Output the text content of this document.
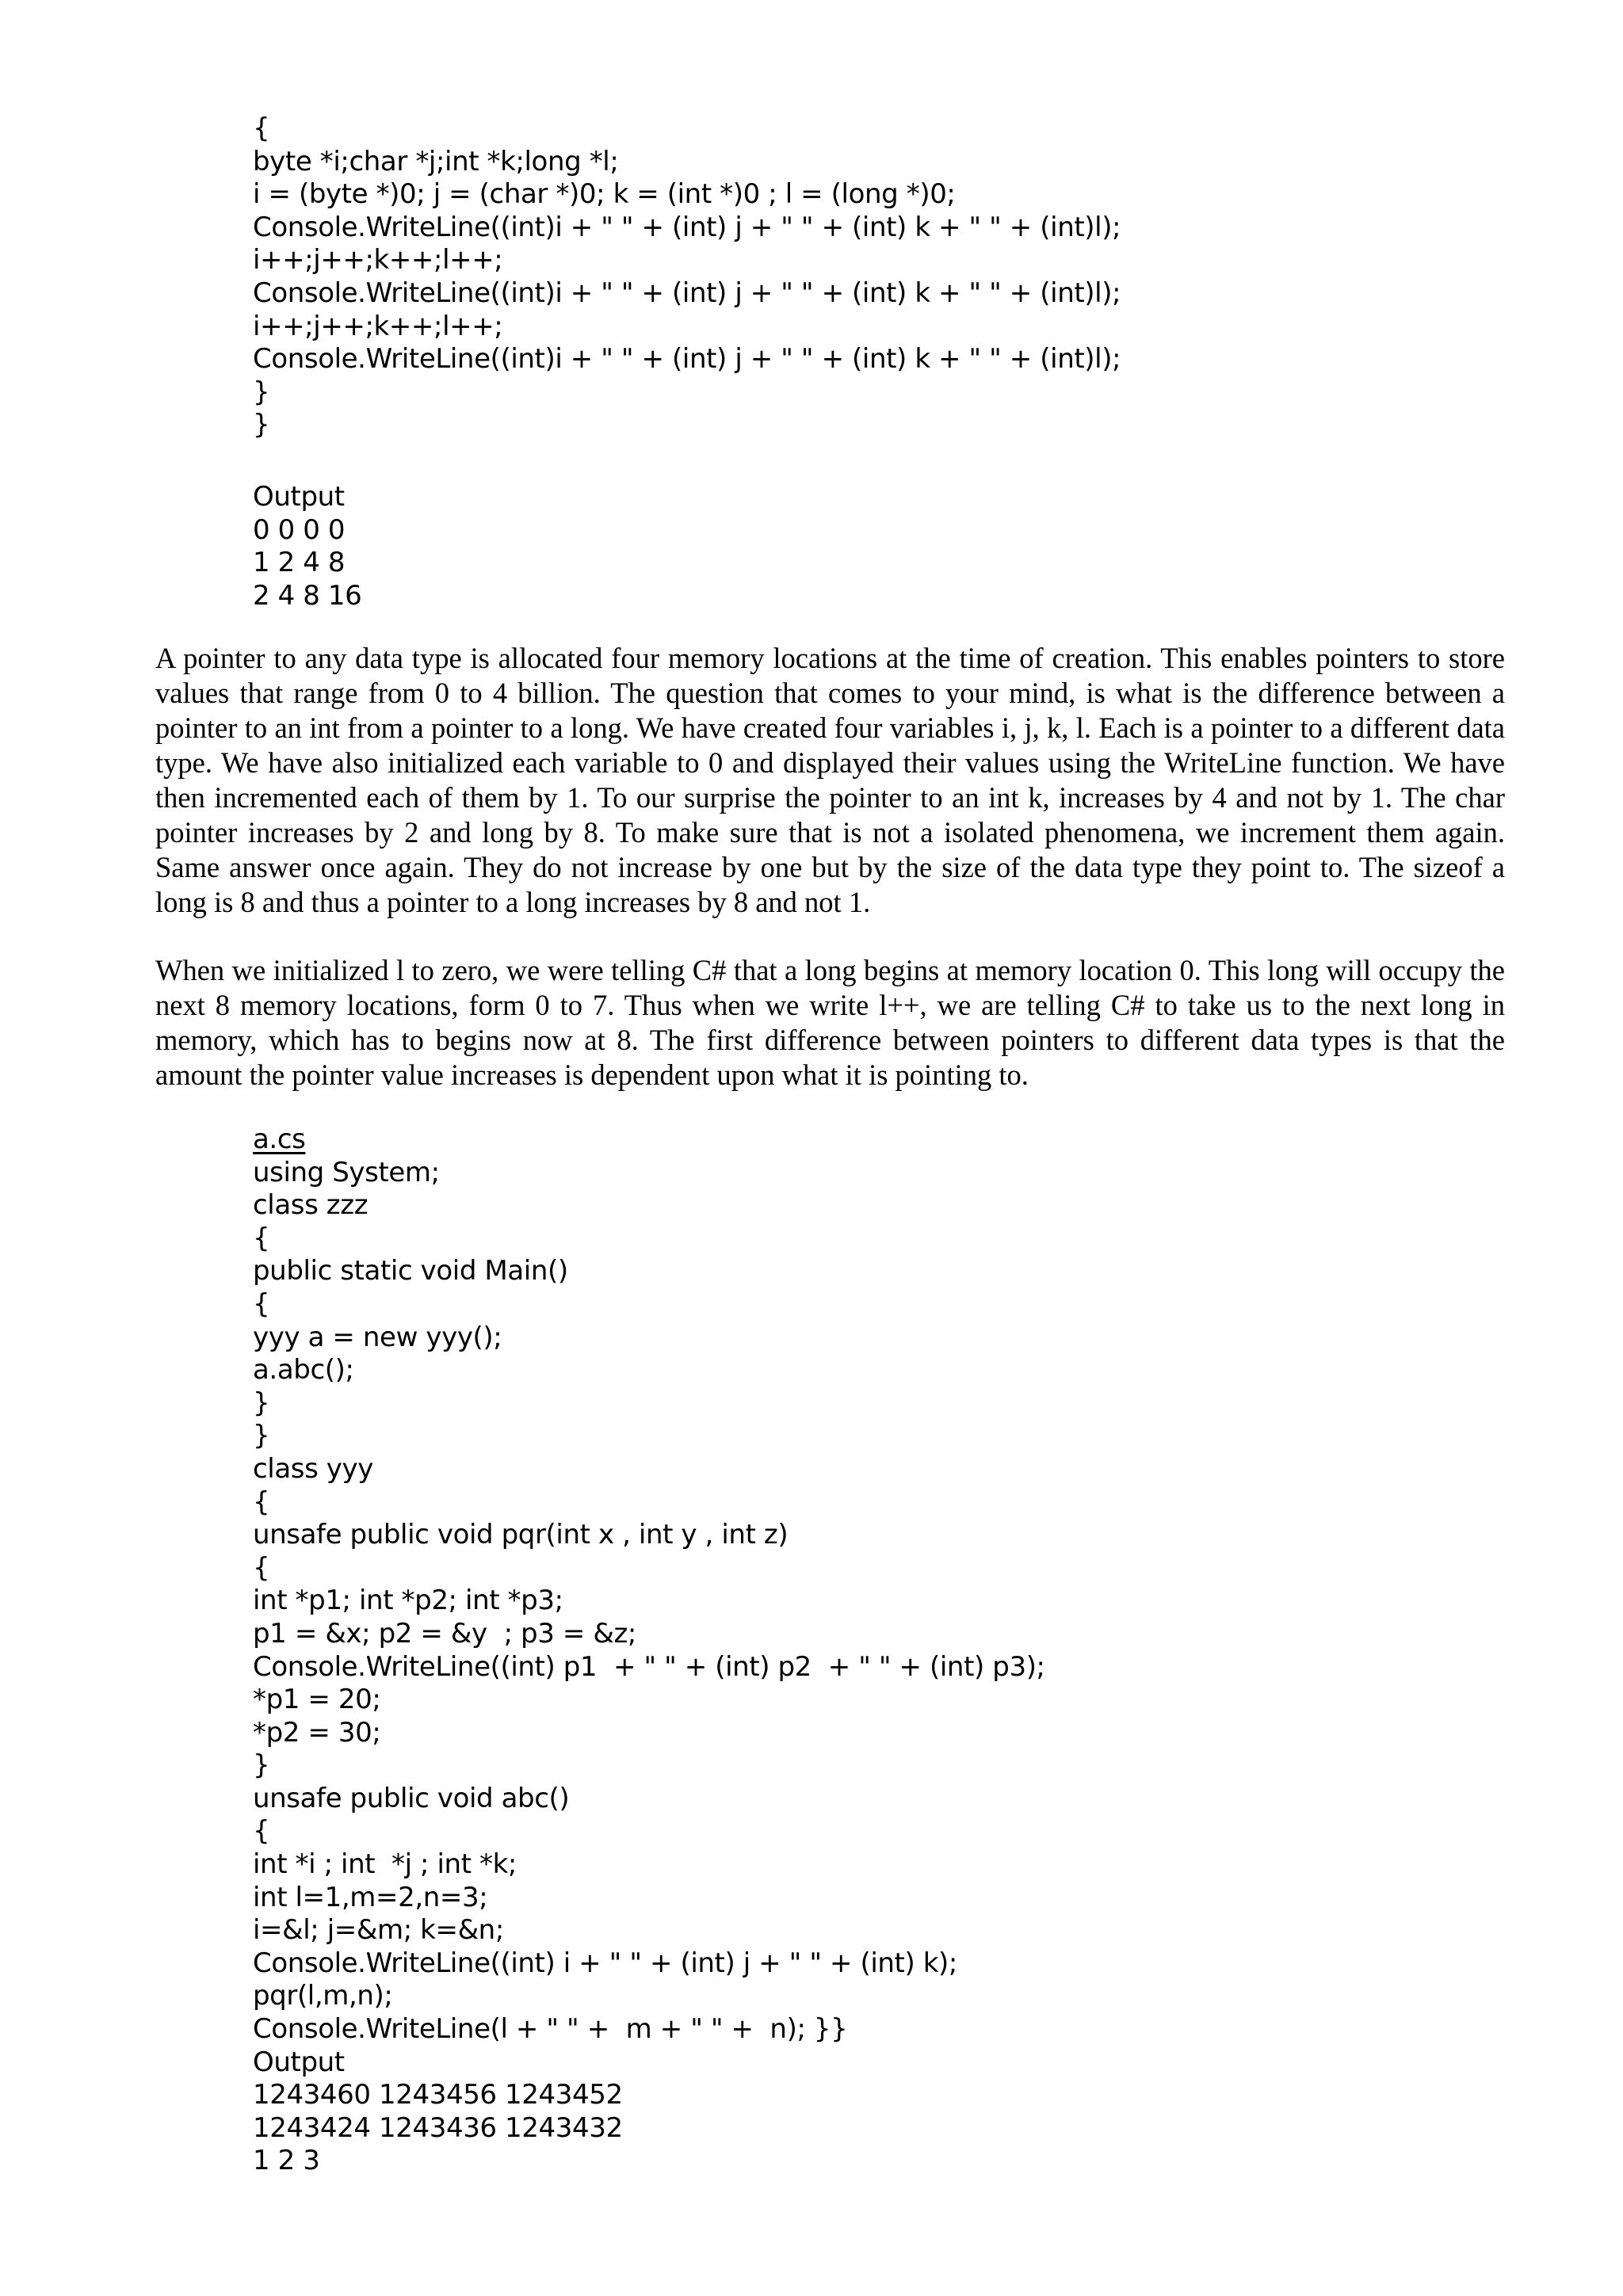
{
byte *i;char *j;int *k;long *l;
i = (byte *)0; j = (char *)0; k = (int *)0 ; l = (long *)0;
Console.WriteLine((int)i + " " + (int) j + " " + (int) k + " " + (int)l);
i++;j++;k++;l++;
Console.WriteLine((int)i + " " + (int) j + " " + (int) k + " " + (int)l);
i++;j++;k++;l++;
Console.WriteLine((int)i + " " + (int) j + " " + (int) k + " " + (int)l);
}
}
Output
0 0 0 0
1 2 4 8
2 4 8 16

A pointer to any data type is allocated four memory locations at the time of creation. This enables pointers to store values that range from 0 to 4 billion. The question that comes to your mind, is what is the difference between a pointer to an int from a pointer to a long. We have created four variables i, j, k, l. Each is a pointer to a different data type. We have also initialized each variable to 0 and displayed their values using the WriteLine function. We have then incremented each of them by 1. To our surprise the pointer to an int k, increases by 4 and not by 1. The char pointer increases by 2 and long by 8. To make sure that is not a isolated phenomena, we increment them again. Same answer once again. They do not increase by one but by the size of the data type they point to. The sizeof a long is 8 and thus a pointer to a long increases by 8 and not 1.

When we initialized l to zero, we were telling C# that a long begins at memory location 0. This long will occupy the next 8 memory locations, form 0 to 7. Thus when we write l++, we are telling C# to take us to the next long in memory, which has to begins now at 8. The first difference between pointers to different data types is that the amount the pointer value increases is dependent upon what it is pointing to.

a.cs
using System;
class zzz
{
public static void Main()
{
yyy a = new yyy();
a.abc();
}
}
class yyy
{
unsafe public void pqr(int x , int y , int z)
{
int *p1; int *p2; int *p3;
p1 = &x; p2 = &y  ; p3 = &z;
Console.WriteLine((int) p1  + " " + (int) p2  + " " + (int) p3);
*p1 = 20;
*p2 = 30;
}
unsafe public void abc()
{
int *i ; int  *j ; int *k;
int l=1,m=2,n=3;
i=&l; j=&m; k=&n;
Console.WriteLine((int) i + " " + (int) j + " " + (int) k);
pqr(l,m,n);
Console.WriteLine(l + " " +  m + " " +  n); }}
Output
1243460 1243456 1243452
1243424 1243436 1243432
1 2 3
